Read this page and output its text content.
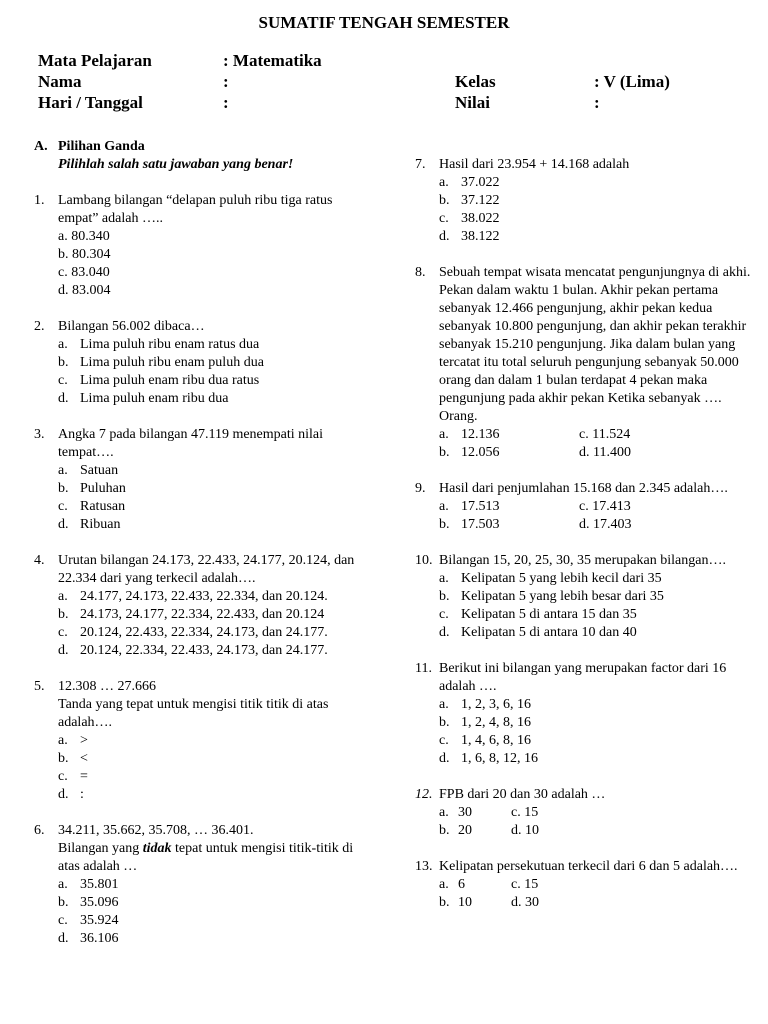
SUMATIF TENGAH SEMESTER
Mata Pelajaran	: Matematika
Nama	:
Hari / Tanggal	:
Kelas	: V (Lima)
Nilai	:
A. Pilihan Ganda
Pilihlah salah satu jawaban yang benar!
1. Lambang bilangan “delapan puluh ribu tiga ratus empat” adalah …..
a. 80.340
b. 80.304
c. 83.040
d. 83.004
2. Bilangan 56.002 dibaca…
a. Lima puluh ribu enam ratus dua
b. Lima puluh ribu enam puluh dua
c. Lima puluh enam ribu dua ratus
d. Lima puluh enam ribu dua
3. Angka 7 pada bilangan 47.119 menempati nilai tempat….
a. Satuan
b. Puluhan
c. Ratusan
d. Ribuan
4. Urutan bilangan 24.173, 22.433, 24.177, 20.124, dan 22.334 dari yang terkecil adalah….
a. 24.177, 24.173, 22.433, 22.334, dan 20.124.
b. 24.173, 24.177, 22.334, 22.433, dan 20.124
c. 20.124, 22.433, 22.334, 24.173, dan 24.177.
d. 20.124, 22.334, 22.433, 24.173, dan 24.177.
5. 12.308 … 27.666
Tanda yang tepat untuk mengisi titik titik di atas adalah….
a. >
b. <
c. =
d. :
6. 34.211, 35.662, 35.708, … 36.401.
Bilangan yang tidak tepat untuk mengisi titik-titik di atas adalah …
a. 35.801
b. 35.096
c. 35.924
d. 36.106
7. Hasil dari 23.954 + 14.168 adalah
a. 37.022
b. 37.122
c. 38.022
d. 38.122
8. Sebuah tempat wisata mencatat pengunjungnya di akhi. Pekan dalam waktu 1 bulan. Akhir pekan pertama sebanyak 12.466 pengunjung, akhir pekan kedua sebanyak 10.800 pengunjung, dan akhir pekan terakhir sebanyak 15.210 pengunjung. Jika dalam bulan yang tercatat itu total seluruh pengunjung sebanyak 50.000 orang dan dalam 1 bulan terdapat 4 pekan maka pengunjung pada akhir pekan Ketika sebanyak …. Orang.
a. 12.136	c. 11.524
b. 12.056	d. 11.400
9. Hasil dari penjumlahan 15.168 dan 2.345 adalah….
a. 17.513	c. 17.413
b. 17.503	d. 17.403
10. Bilangan 15, 20, 25, 30, 35 merupakan bilangan….
a. Kelipatan 5 yang lebih kecil dari 35
b. Kelipatan 5 yang lebih besar dari 35
c. Kelipatan 5 di antara 15 dan 35
d. Kelipatan 5 di antara 10 dan 40
11. Berikut ini bilangan yang merupakan factor dari 16 adalah ….
a. 1, 2, 3, 6, 16
b. 1, 2, 4, 8, 16
c. 1, 4, 6, 8, 16
d. 1, 6, 8, 12, 16
12. FPB dari 20 dan 30 adalah …
a. 30	c. 15
b. 20	d. 10
13. Kelipatan persekutuan terkecil dari 6 dan 5 adalah….
a. 6	c. 15
b. 10	d. 30
